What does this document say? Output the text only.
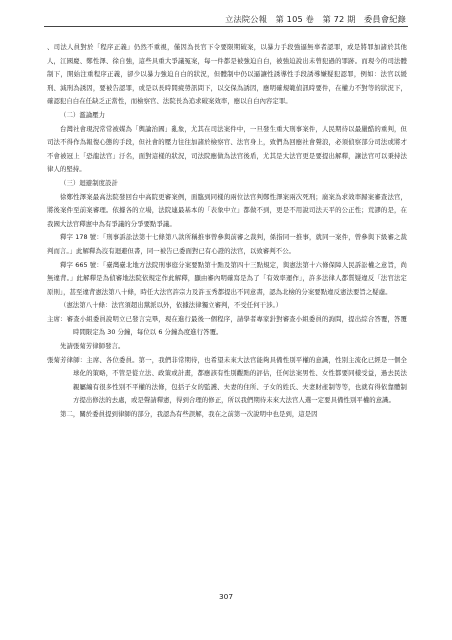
立法院公報　第 105 卷　第 72 期　委員會紀錄

、司法人員對於「程序正義」仍然不重視，僅因為長官下令要限期破案，以暴力手段強逼無辜者認罪，或是將罪加諸於其他人，江國慶、鄭性澤、徐自強，這些具重大爭議冤案，每一件都是被強迫自白，被強迫說出未曾犯過的罪跡。而現今的司法體制下，開始注重程序正義，卻少以暴力強迫自白的狀況，但體制中仍以逼讓性誘導性手段誘導嫌疑犯認罪，例如：法官以緩刑、減刑為誘因，要被告認罪，或是以長時間疲勞訊問下，以交保為誘因，應明確規範偵訊時要件，在權力不對等的狀況下，確認犯自白在任缺乏正當性，而檢察官、法院長為追求破案效率，應以自白內容定罪。

（二）濫論壓力

台灣社會現況常常被媒為「輿論治國」亂象，尤其在司法案件中，一旦發生重大刑事案件，人民期待以最嚴酷的重判，但司法不得作為報復心態的手段，但社會的壓力往往加諸於檢察官、法官身上，致們為回應社會聲浪，必須偵察部分司法或將才不會被冠上「恐龍法官」汙名，面對這樣的狀況，司法院應做為法官後盾，尤其是大法官更是要提出解釋，讓法官可以秉持法律人的堅持。

（三）迴避制度設計

徐鄭性澤案最高法院發回台中高院更審案例，面臨到同樣的兩位法官判鄭性澤案兩次死刑；廣案為求效率歸案審查法官，將後案件至前案審理。依據各的立場，法院連最基本的「表象中立」都做不到，更是不用說司法天平的公正性；荒謬的是，在我國大法官釋憲中為有爭議的分爭要點爭議。

釋字 178 號：「刑事訴訟法第十七條第八款所稱推事曾參與前審之裁判，係指同一推事，就同一案件，曾參與下級審之裁判而言。」此解釋為沒有迴避但書，同一被告已委面對已有心證的法官，以致審判不公。

釋字 665 號：「臺灣臺北地方法院刑事庭分案要點第十點及第四十三點規定，與憲法第十六條保障人民訴訟權之意旨，尚無違背。」此解釋是為偵審地法院依規定作此解釋，顯由審內明確寫是為了「有效率運作」，許多法律人都質疑違反「法官法定原則」，甚至違背憲法第八十條，時任大法官許宗力及許玉秀都提出不同意書，認為北檢的分案要點違反憲法要旨之疑慮。

（憲法第八十條：法官須超出黨派以外，依據法律獨立審判，不受任何干涉。）

主席：審查小組委員說明立已發言完畢，現在進行最後一個程序，請學者專家針對審查小組委員的詢問，提出綜合答覆，答覆時間限定為 30 分鐘，每位以 6 分鐘為度進行答覆。

先請張菊芳律師發言。

張菊芳律師：主席、各位委員。第一，我們非常期待，也希望未來大法官能夠具備性別平權的意識，性別主流化已經是一個全球化的策略，不管是從立法、政策或計畫，都應該有性別觀點的評估，任何法案男性、女性都要同樣受益，過去民法親屬編有很多性別不平權的法條，包括子女的監護、夫妻的住所、子女的姓氏、夫妻財產制等等，也就有得依靠體制方提出修法的去處，或是聲請釋憲，得到合理的修正，所以我們期待未來大法官人選一定要具備性別平權的意識。

第二，關於委員提到律師的部分，我認為有些誤解，我在之前第一次說明中也是到，這是因

307
